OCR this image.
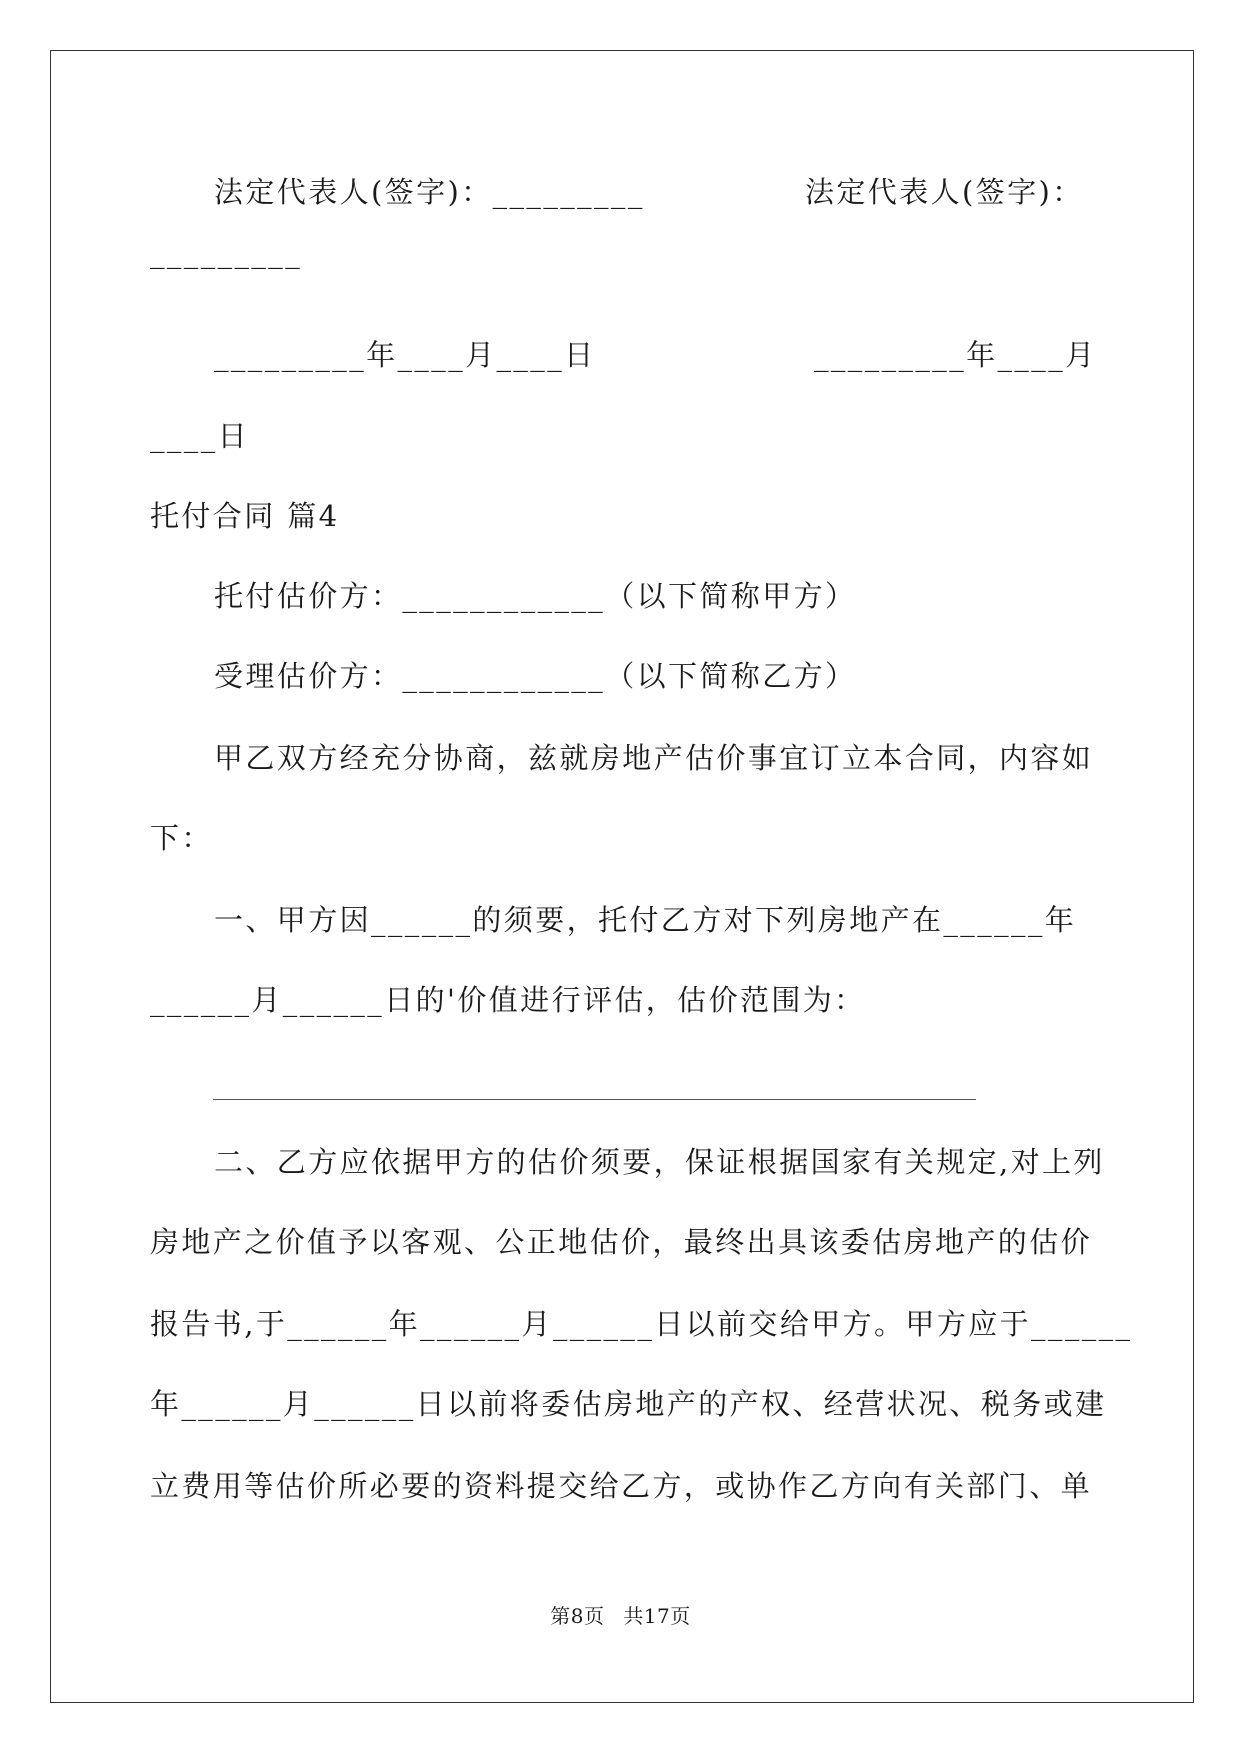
法定代表人(签字)：_________	法定代表人(签字)：
_________
_________年____月____日	_________年____月
____日
托付合同 篇4
托付估价方：____________（以下简称甲方）
受理估价方：____________（以下简称乙方）
甲乙双方经充分协商，兹就房地产估价事宜订立本合同，内容如
下：
一、甲方因______的须要，托付乙方对下列房地产在______年
______月______日的'价值进行评估，估价范围为：
二、乙方应依据甲方的估价须要，保证根据国家有关规定,对上列
房地产之价值予以客观、公正地估价，最终出具该委估房地产的估价
报告书,于______年______月______日以前交给甲方。甲方应于______
年______月______日以前将委估房地产的产权、经营状况、税务或建
立费用等估价所必要的资料提交给乙方，或协作乙方向有关部门、单
第8页 共17页
